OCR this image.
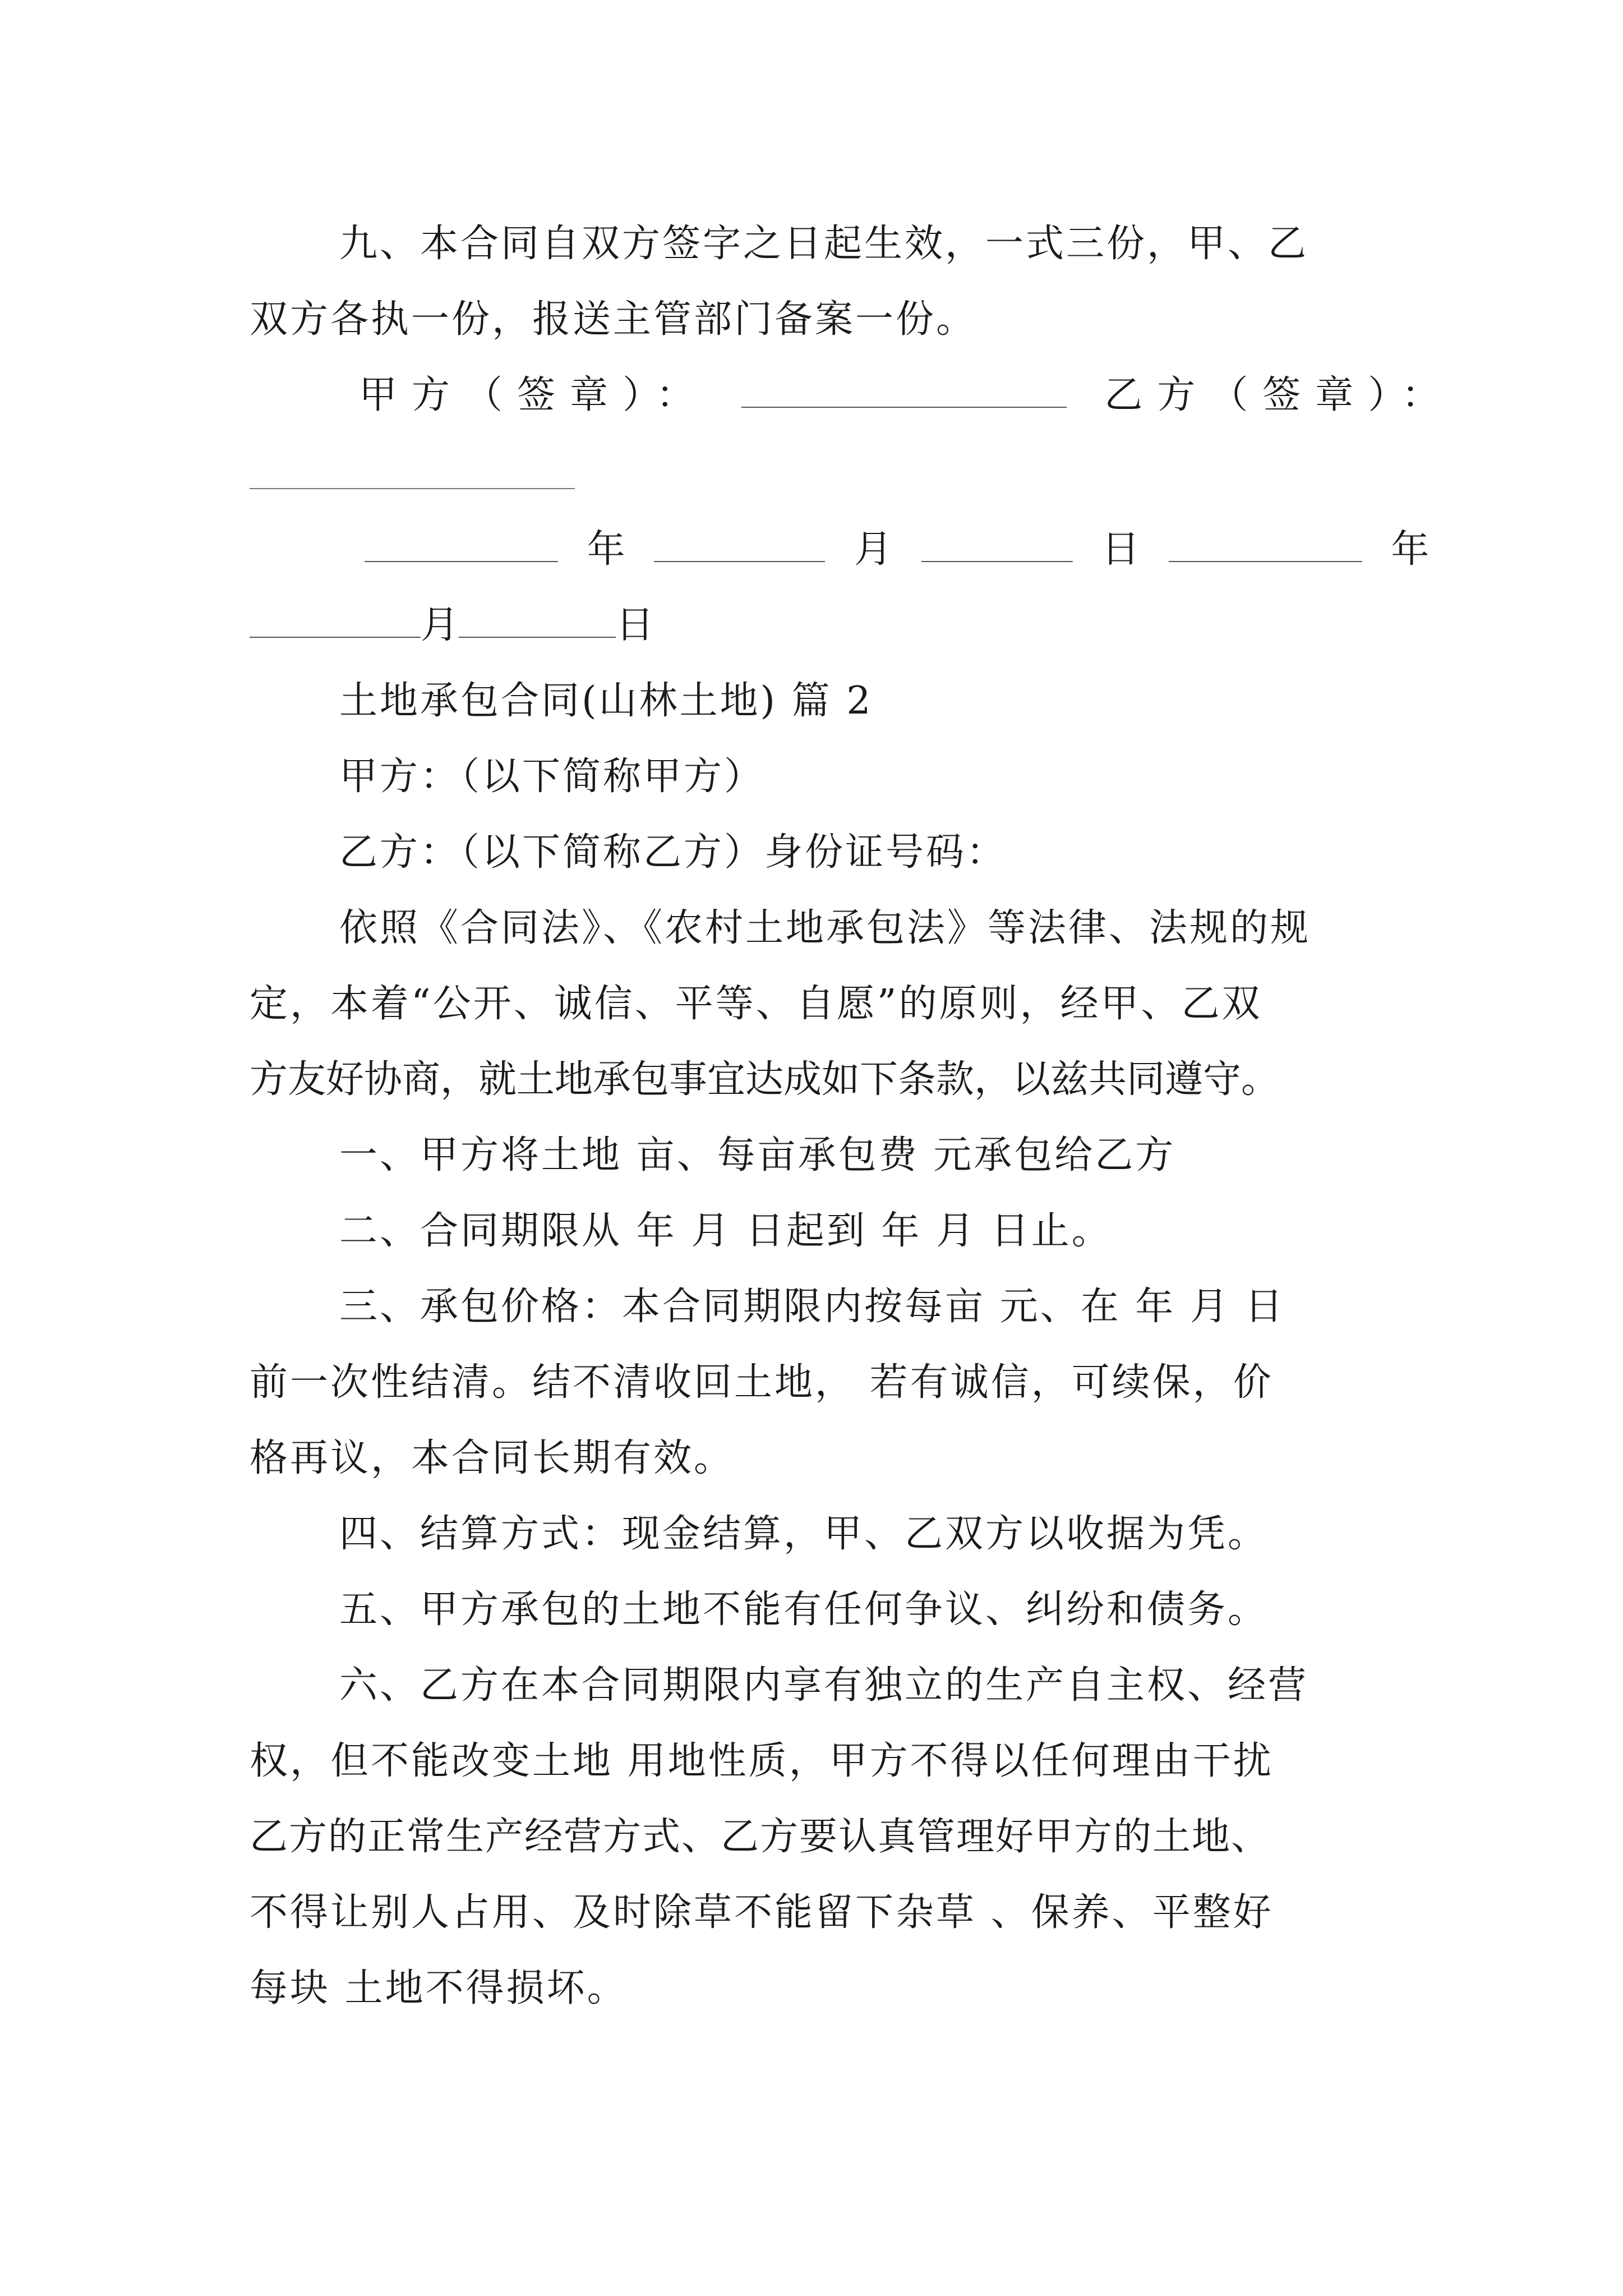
九、本合同自双方签字之日起生效，一式三份，甲、乙
双方各执一份，报送主管部门备案一份。
甲方（签章）：	乙方（签章）：
年	月	日	年
月	日
土地承包合同(山林土地) 篇 2
甲方：（以下简称甲方）
乙方：（以下简称乙方）身份证号码：
依照《合同法》、《农村土地承包法》等法律、法规的规
定，本着“公开、诚信、平等、自愿”的原则，经甲、乙双
方友好协商，就土地承包事宜达成如下条款，以兹共同遵守。
一、甲方将土地 亩、每亩承包费 元承包给乙方
二、合同期限从 年 月 日起到 年 月 日止。
三、承包价格：本合同期限内按每亩 元、在 年 月 日
前一次性结清。结不清收回土地， 若有诚信，可续保，价
格再议，本合同长期有效。
四、结算方式：现金结算，甲、乙双方以收据为凭。
五、甲方承包的土地不能有任何争议、纠纷和债务。
六、乙方在本合同期限内享有独立的生产自主权、经营
权，但不能改变土地 用地性质，甲方不得以任何理由干扰
乙方的正常生产经营方式、乙方要认真管理好甲方的土地、
不得让别人占用、及时除草不能留下杂草 、保养、平整好
每块 土地不得损坏。
